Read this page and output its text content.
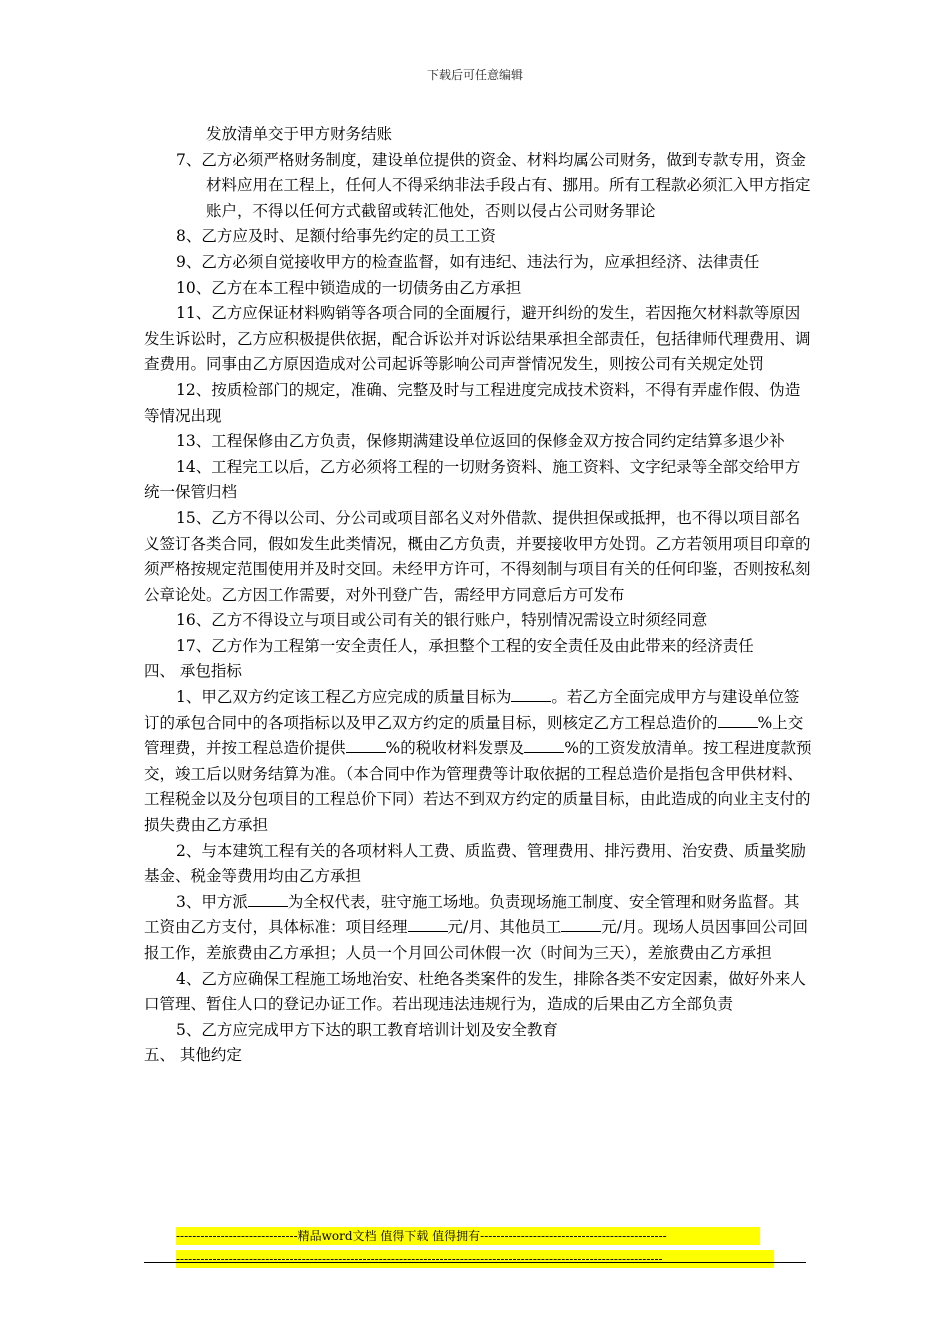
下载后可任意编辑

发放清单交于甲方财务结账

7、乙方必须严格财务制度，建设单位提供的资金、材料均属公司财务，做到专款专用，资金材料应用在工程上，任何人不得采纳非法手段占有、挪用。所有工程款必须汇入甲方指定账户，不得以任何方式截留或转汇他处，否则以侵占公司财务罪论

8、乙方应及时、足额付给事先约定的员工工资

9、乙方必须自觉接收甲方的检查监督，如有违纪、违法行为，应承担经济、法律责任

10、乙方在本工程中锁造成的一切债务由乙方承担

11、乙方应保证材料购销等各项合同的全面履行，避开纠纷的发生，若因拖欠材料款等原因发生诉讼时，乙方应积极提供依据，配合诉讼并对诉讼结果承担全部责任，包括律师代理费用、调查费用。同事由乙方原因造成对公司起诉等影响公司声誉情况发生，则按公司有关规定处罚

12、按质检部门的规定，准确、完整及时与工程进度完成技术资料，不得有弄虚作假、伪造等情况出现

13、工程保修由乙方负责，保修期满建设单位返回的保修金双方按合同约定结算多退少补

14、工程完工以后，乙方必须将工程的一切财务资料、施工资料、文字纪录等全部交给甲方统一保管归档

15、乙方不得以公司、分公司或项目部名义对外借款、提供担保或抵押，也不得以项目部名义签订各类合同，假如发生此类情况，概由乙方负责，并要接收甲方处罚。乙方若领用项目印章的须严格按规定范围使用并及时交回。未经甲方许可，不得刻制与项目有关的任何印鉴，否则按私刻公章论处。乙方因工作需要，对外刊登广告，需经甲方同意后方可发布

16、乙方不得设立与项目或公司有关的银行账户，特别情况需设立时须经同意

17、乙方作为工程第一安全责任人，承担整个工程的安全责任及由此带来的经济责任

四、 承包指标

1、甲乙双方约定该工程乙方应完成的质量目标为	。若乙方全面完成甲方与建设单位签订的承包合同中的各项指标以及甲乙双方约定的质量目标，则核定乙方工程总造价的	%上交管理费，并按工程总造价提供	%的税收材料发票及	%的工资发放清单。按工程进度款预交，竣工后以财务结算为准。（本合同中作为管理费等计取依据的工程总造价是指包含甲供材料、工程税金以及分包项目的工程总价下同）若达不到双方约定的质量目标，由此造成的向业主支付的损失费由乙方承担

2、与本建筑工程有关的各项材料人工费、质监费、管理费用、排污费用、治安费、质量奖励基金、税金等费用均由乙方承担

3、甲方派	为全权代表，驻守施工场地。负责现场施工制度、安全管理和财务监督。其工资由乙方支付，具体标准：项目经理	元/月、其他员工	元/月。现场人员因事回公司回报工作，差旅费由乙方承担；人员一个月回公司休假一次（时间为三天），差旅费由乙方承担

4、乙方应确保工程施工场地治安、杜绝各类案件的发生，排除各类不安定因素，做好外来人口管理、暂住人口的登记办证工作。若出现违法违规行为，造成的后果由乙方全部负责

5、乙方应完成甲方下达的职工教育培训计划及安全教育

五、 其他约定

------------------------------精品word文档 值得下载 值得拥有----------------------------------------------
------------------------------------------------------------------------------------------------------------------------
